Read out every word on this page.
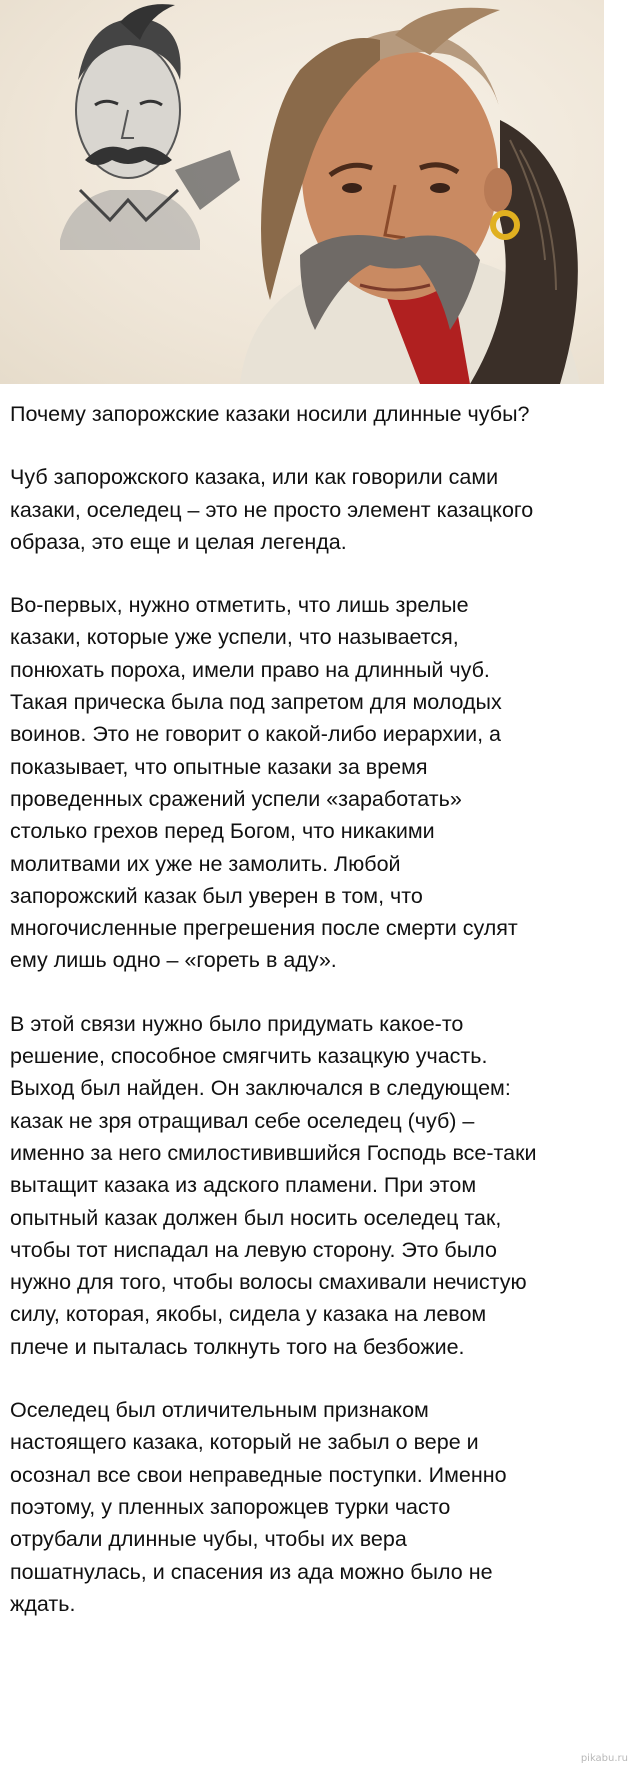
Почему запорожские казаки носили длинные чубы?

Чуб запорожского казака, или как говорили сами
казаки, оселедец – это не просто элемент казацкого
образа, это еще и целая легенда.

Во-первых, нужно отметить, что лишь зрелые
казаки, которые уже успели, что называется,
понюхать пороха, имели право на длинный чуб.
Такая прическа была под запретом для молодых
воинов. Это не говорит о какой-либо иерархии, а
показывает, что опытные казаки за время
проведенных сражений успели «заработать»
столько грехов перед Богом, что никакими
молитвами их уже не замолить. Любой
запорожский казак был уверен в том, что
многочисленные прегрешения после смерти сулят
ему лишь одно – «гореть в аду».

В этой связи нужно было придумать какое-то
решение, способное смягчить казацкую участь.
Выход был найден. Он заключался в следующем:
казак не зря отращивал себе оселедец (чуб) –
именно за него смилостивившийся Господь все-таки
вытащит казака из адского пламени. При этом
опытный казак должен был носить оселедец так,
чтобы тот ниспадал на левую сторону. Это было
нужно для того, чтобы волосы смахивали нечистую
силу, которая, якобы, сидела у казака на левом
плече и пыталась толкнуть того на безбожие.

Оселедец был отличительным признаком
настоящего казака, который не забыл о вере и
осознал все свои неправедные поступки. Именно
поэтому, у пленных запорожцев турки часто
отрубали длинные чубы, чтобы их вера
пошатнулась, и спасения из ада можно было не
ждать.

pikabu.ru
